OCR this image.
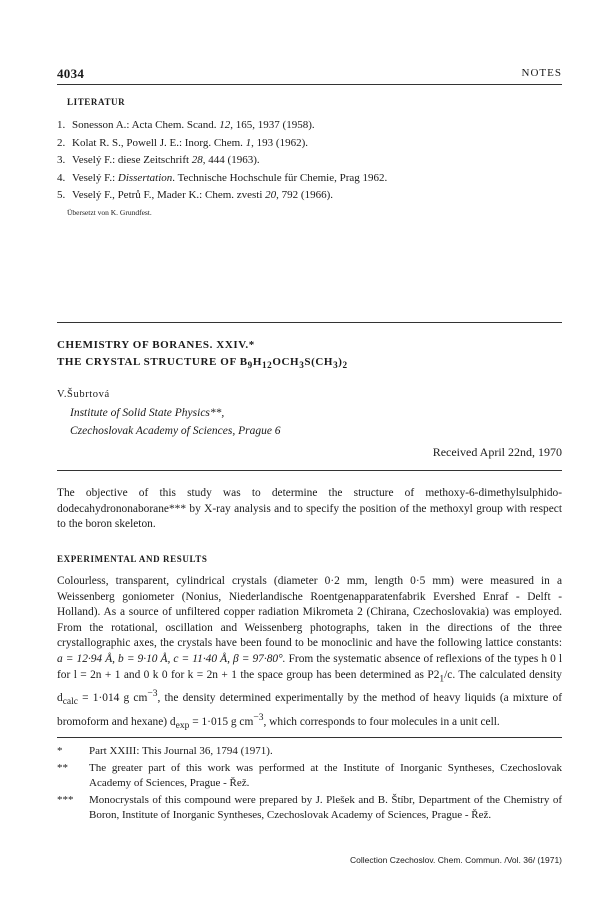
4034	NOTES
LITERATUR
1. Sonesson A.: Acta Chem. Scand. 12, 165, 1937 (1958).
2. Kolat R. S., Powell J. E.: Inorg. Chem. 1, 193 (1962).
3. Veselý F.: diese Zeitschrift 28, 444 (1963).
4. Veselý F.: Dissertation. Technische Hochschule für Chemie, Prag 1962.
5. Veselý F., Petrů F., Mader K.: Chem. zvesti 20, 792 (1966).
Übersetzt von K. Grundfest.
CHEMISTRY OF BORANES. XXIV.*
THE CRYSTAL STRUCTURE OF $B_9H_{12}OCH_3S(CH_3)_2$
V.Šubrtová
Institute of Solid State Physics**,
Czechoslovak Academy of Sciences, Prague 6
Received April 22nd, 1970

The objective of this study was to determine the structure of methoxy-6-dimethylsulphido-dodecahydrononaborane*** by X-ray analysis and to specify the position of the methoxyl group with respect to the boron skeleton.

EXPERIMENTAL AND RESULTS

Colourless, transparent, cylindrical crystals (diameter 0·2 mm, length 0·5 mm) were measured in a Weissenberg goniometer (Nonius, Niederlandische Roentgenapparatenfabrik Evershed Enraf - Delft - Holland). As a source of unfiltered copper radiation Mikrometa 2 (Chirana, Czechoslovakia) was employed. From the rotational, oscillation and Weissenberg photographs, taken in the directions of the three crystallographic axes, the crystals have been found to be monoclinic and have the following lattice constants: a = 12·94 Å, b = 9·10 Å, c = 11·40 Å, β = 97·80°. From the systematic absence of reflexions of the types h 0 l for l = 2n + 1 and 0 k 0 for k = 2n + 1 the space group has been determined as $P2_1/c$. The calculated density $d_{calc} = 1\cdot 014$ g $cm^{-3}$, the density determined experimentally by the method of heavy liquids (a mixture of bromoform and hexane) $d_{exp} = 1\cdot 015$ g $cm^{-3}$, which corresponds to four molecules in a unit cell.

* Part XXIII: This Journal 36, 1794 (1971).
** The greater part of this work was performed at the Institute of Inorganic Syntheses, Czechoslovak Academy of Sciences, Prague - Řež.
*** Monocrystals of this compound were prepared by J. Plešek and B. Štíbr, Department of the Chemistry of Boron, Institute of Inorganic Syntheses, Czechoslovak Academy of Sciences, Prague - Řež.
Collection Czechoslov. Chem. Commun. /Vol. 36/ (1971)
